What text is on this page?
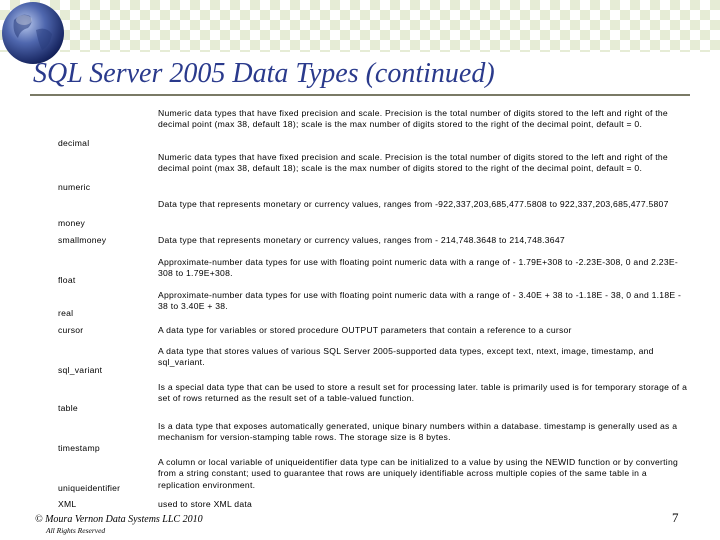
SQL Server 2005 Data Types (continued)
decimal	Numeric data types that have fixed precision and scale. Precision is the total number of digits stored to the left and right of the decimal point (max 38, default 18); scale is the max number of digits stored to the right of the decimal point, default = 0.
numeric	Numeric data types that have fixed precision and scale. Precision is the total number of digits stored to the left and right of the decimal point (max 38, default 18); scale is the max number of digits stored to the right of the decimal point, default = 0.
money	Data type that represents monetary or currency values, ranges from -922,337,203,685,477.5808 to 922,337,203,685,477.5807
smallmoney	Data type that represents monetary or currency values, ranges from - 214,748.3648 to 214,748.3647
float	Approximate-number data types for use with floating point numeric data with a range of - 1.79E+308 to -2.23E-308, 0 and 2.23E-308 to 1.79E+308.
real	Approximate-number data types for use with floating point numeric data with a range of - 3.40E + 38 to -1.18E - 38, 0 and 1.18E - 38 to 3.40E + 38.
cursor	A data type for variables or stored procedure OUTPUT parameters that contain a reference to a cursor
sql_variant	A data type that stores values of various SQL Server 2005-supported data types, except text, ntext, image, timestamp, and sql_variant.
table	Is a special data type that can be used to store a result set for processing later. table is primarily used is for temporary storage of a set of rows returned as the result set of a table-valued function.
timestamp	Is a data type that exposes automatically generated, unique binary numbers within a database. timestamp is generally used as a mechanism for version-stamping table rows. The storage size is 8 bytes.
uniqueidentifier	A column or local variable of uniqueidentifier data type can be initialized to a value by using the NEWID function or by converting from a string constant; used to guarantee that rows are uniquely identifiable across multiple copies of the same table in a replication environment.
XML	used to store XML data
© Moura Vernon Data Systems LLC 2010
All Rights Reserved
7
